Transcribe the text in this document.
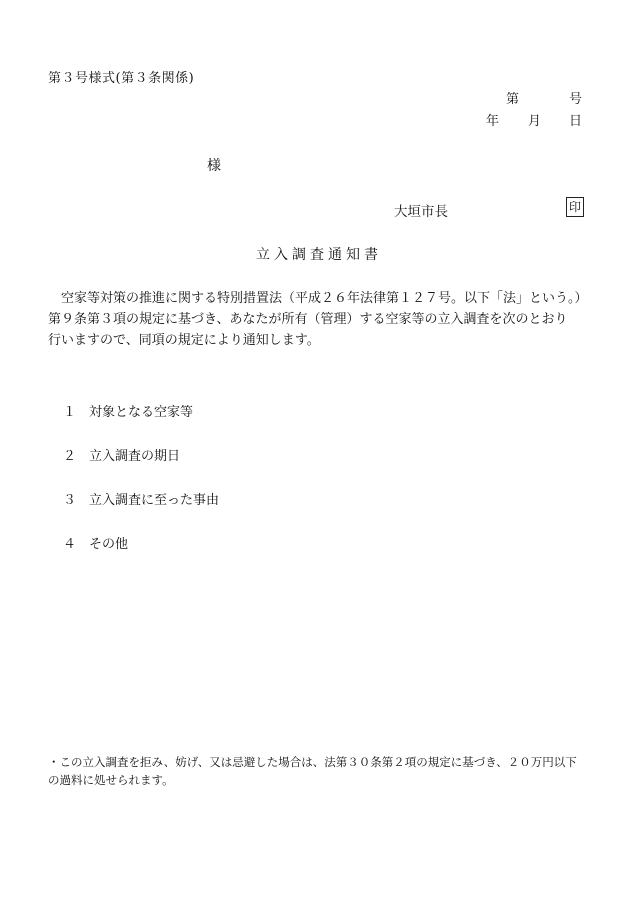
第３号様式(第３条関係)
第	号
年 月 日
様
大垣市長	印
立入調査通知書
空家等対策の推進に関する特別措置法（平成２６年法律第１２７号。以下「法」という。）
第９条第３項の規定に基づき、あなたが所有（管理）する空家等の立入調査を次のとおり
行いますので、同項の規定により通知します。
１ 対象となる空家等
２ 立入調査の期日
３ 立入調査に至った事由
４ その他
・この立入調査を拒み、妨げ、又は忌避した場合は、法第３０条第２項の規定に基づき、２０万円以下
の過料に処せられます。
